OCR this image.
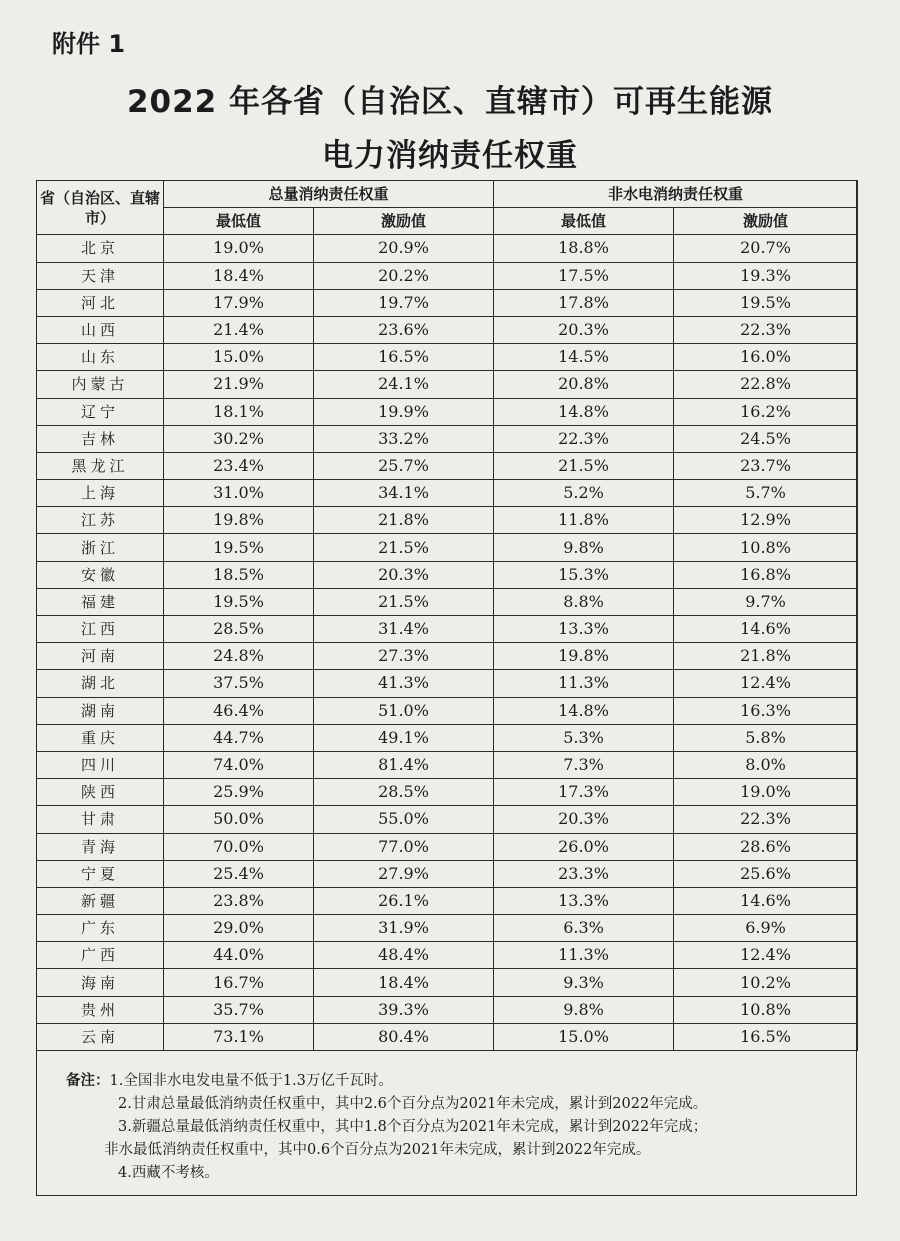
附件 1
2022 年各省（自治区、直辖市）可再生能源
电力消纳责任权重
省（自治区、直辖市）	总量消纳责任权重		非水电消纳责任权重	
	最低值	激励值	最低值	激励值
北京	19.0%	20.9%	18.8%	20.7%
天津	18.4%	20.2%	17.5%	19.3%
河北	17.9%	19.7%	17.8%	19.5%
山西	21.4%	23.6%	20.3%	22.3%
山东	15.0%	16.5%	14.5%	16.0%
内蒙古	21.9%	24.1%	20.8%	22.8%
辽宁	18.1%	19.9%	14.8%	16.2%
吉林	30.2%	33.2%	22.3%	24.5%
黑龙江	23.4%	25.7%	21.5%	23.7%
上海	31.0%	34.1%	5.2%	5.7%
江苏	19.8%	21.8%	11.8%	12.9%
浙江	19.5%	21.5%	9.8%	10.8%
安徽	18.5%	20.3%	15.3%	16.8%
福建	19.5%	21.5%	8.8%	9.7%
江西	28.5%	31.4%	13.3%	14.6%
河南	24.8%	27.3%	19.8%	21.8%
湖北	37.5%	41.3%	11.3%	12.4%
湖南	46.4%	51.0%	14.8%	16.3%
重庆	44.7%	49.1%	5.3%	5.8%
四川	74.0%	81.4%	7.3%	8.0%
陕西	25.9%	28.5%	17.3%	19.0%
甘肃	50.0%	55.0%	20.3%	22.3%
青海	70.0%	77.0%	26.0%	28.6%
宁夏	25.4%	27.9%	23.3%	25.6%
新疆	23.8%	26.1%	13.3%	14.6%
广东	29.0%	31.9%	6.3%	6.9%
广西	44.0%	48.4%	11.3%	12.4%
海南	16.7%	18.4%	9.3%	10.2%
贵州	35.7%	39.3%	9.8%	10.8%
云南	73.1%	80.4%	15.0%	16.5%
备注：1.全国非水电发电量不低于1.3万亿千瓦时。
2.甘肃总量最低消纳责任权重中，其中2.6个百分点为2021年未完成，累计到2022年完成。
3.新疆总量最低消纳责任权重中，其中1.8个百分点为2021年未完成，累计到2022年完成；
非水最低消纳责任权重中，其中0.6个百分点为2021年未完成，累计到2022年完成。
4.西藏不考核。
